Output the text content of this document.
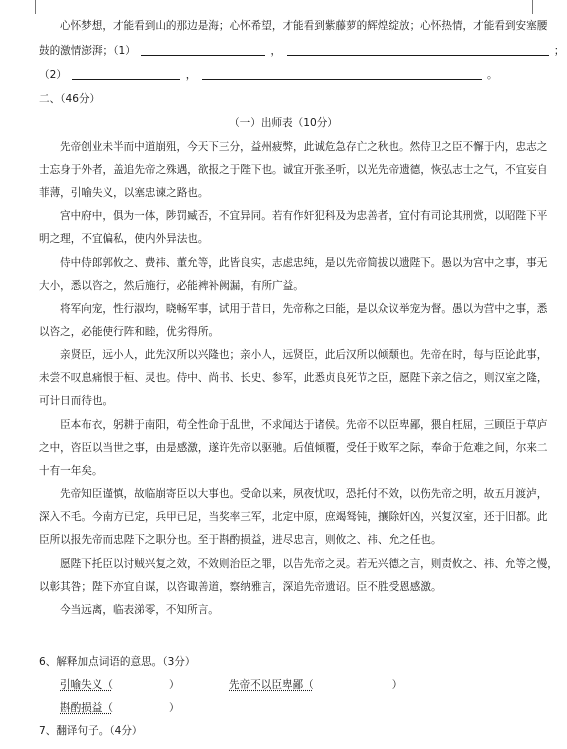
心怀梦想，才能看到山的那边是海；心怀希望，才能看到紫藤萝的辉煌绽放；心怀热情，才能看到安塞腰
鼓的激情澎湃；（1）	，	；
（2）	，	。
二、（46分）
（一）出师表（10分）
先帝创业未半而中道崩殂，今天下三分，益州疲弊，此诚危急存亡之秋也。然侍卫之臣不懈于内，忠志之
士忘身于外者，盖追先帝之殊遇，欲报之于陛下也。诚宜开张圣听，以光先帝遗德，恢弘志士之气，不宜妄自
菲薄，引喻失义，以塞忠谏之路也。
宫中府中，俱为一体，陟罚臧否，不宜异同。若有作奸犯科及为忠善者，宜付有司论其刑赏，以昭陛下平
明之理，不宜偏私，使内外异法也。
侍中侍郎郭攸之、费祎、董允等，此皆良实，志虑忠纯，是以先帝简拔以遗陛下。愚以为宫中之事，事无
大小，悉以咨之，然后施行，必能裨补阙漏，有所广益。
将军向宠，性行淑均，晓畅军事，试用于昔日，先帝称之曰能，是以众议举宠为督。愚以为营中之事，悉
以咨之，必能使行阵和睦，优劣得所。
亲贤臣，远小人，此先汉所以兴隆也；亲小人，远贤臣，此后汉所以倾颓也。先帝在时，每与臣论此事，
未尝不叹息痛恨于桓、灵也。侍中、尚书、长史、参军，此悉贞良死节之臣，愿陛下亲之信之，则汉室之隆，
可计日而待也。
臣本布衣，躬耕于南阳，苟全性命于乱世，不求闻达于诸侯。先帝不以臣卑鄙，猥自枉屈，三顾臣于草庐
之中，咨臣以当世之事，由是感激，遂许先帝以驱驰。后值倾覆，受任于败军之际，奉命于危难之间，尔来二
十有一年矣。
先帝知臣谨慎，故临崩寄臣以大事也。受命以来，夙夜忧叹，恐托付不效，以伤先帝之明，故五月渡泸，
深入不毛。今南方已定，兵甲已足，当奖率三军，北定中原，庶竭驽钝，攘除奸凶，兴复汉室，还于旧都。此
臣所以报先帝而忠陛下之职分也。至于斟酌损益，进尽忠言，则攸之、祎、允之任也。
愿陛下托臣以讨贼兴复之效，不效则治臣之罪，以告先帝之灵。若无兴德之言，则责攸之、祎、允等之慢，
以彰其咎；陛下亦宜自谋，以咨诹善道，察纳雅言，深追先帝遗诏。臣不胜受恩感激。
今当远离，临表涕零，不知所言。
6、解释加点词语的意思。（3分）
引喻失义（	）	先帝不以臣卑鄙（	）
斟酌损益（	）
7、翻译句子。（4分）
